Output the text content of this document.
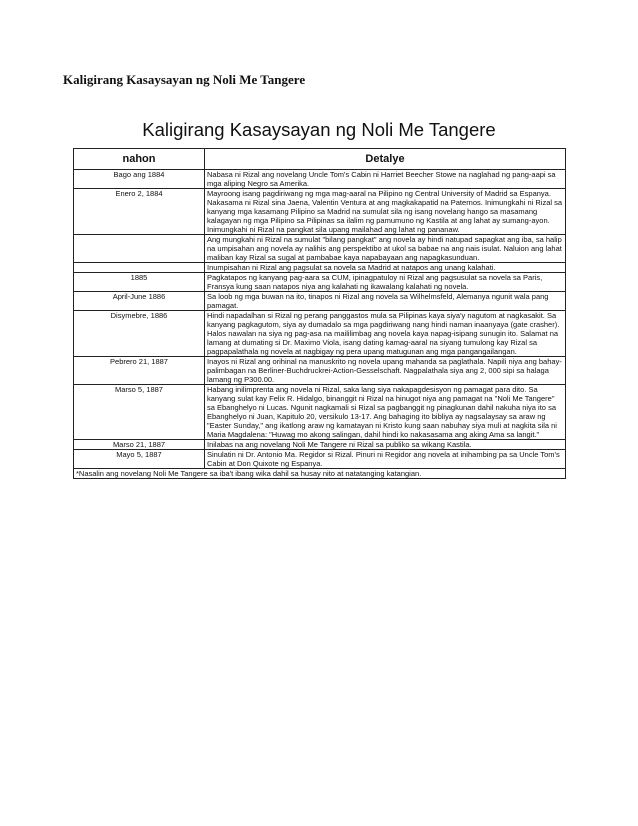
Kaligirang Kasaysayan ng Noli Me Tangere
Kaligirang Kasaysayan ng Noli Me Tangere
nahon	Detalye
Bago ang 1884	Nabasa ni Rizal ang novelang Uncle Tom's Cabin ni Harriet Beecher Stowe na naglahad ng pang-aapi sa mga aliping Negro sa Amerika.
Enero 2, 1884	Mayroong isang pagdiriwang ng mga mag-aaral na Pilipino ng Central University of Madrid sa Espanya. Nakasama ni Rizal sina Jaena, Valentin Ventura at ang magkakapatid na Paternos. Inimungkahi ni Rizal sa kanyang mga kasamang Pilipino sa Madrid na sumulat sila ng isang novelang hango sa masamang kalagayan ng mga Pilipino sa Pilipinas sa ilalim ng pamumuno ng Kastila at ang lahat ay sumang-ayon. Inimungkahi ni Rizal na pangkat sila upang mailahad ang lahat ng pananaw.
	Ang mungkahi ni Rizal na sumulat "bilang pangkat" ang novela ay hindi natupad sapagkat ang iba, sa halip na umpisahan ang novela ay nalihis ang perspektibo at ukol sa babae na ang nais isulat. Naluion ang lahat maliban kay Rizal sa sugal at pambabae kaya napabayaan ang napagkasunduan.
	Inumpisahan ni Rizal ang pagsulat sa novela sa Madrid at natapos ang unang kalahati.
1885	Pagkatapos ng kanyang pag-aara sa CUM, ipinagpatuloy ni Rizal ang pagsusulat sa novela sa Paris, Fransya kung saan natapos niya ang kalahati ng ikawalang kalahati ng novela.
April-June 1886	Sa loob ng mga buwan na ito, tinapos ni Rizal ang novela sa Wilhelmsfeld, Alemanya ngunit wala pang pamagat.
Disymebre, 1886	Hindi napadalhan si Rizal ng perang panggastos mula sa Pilipinas kaya siya'y nagutom at nagkasakit. Sa kanyang pagkagutom, siya ay dumadalo sa mga pagdiriwang nang hindi naman inaanyaya (gate crasher). Halos nawalan na siya ng pag-asa na maililimbag ang novela kaya napag-isipang sunugin ito. Salamat na lamang at dumating si Dr. Maximo Viola, isang dating kamag-aaral na siyang tumulong kay Rizal sa pagpapalathala ng novela at nagbigay ng pera upang matugunan ang mga pangangailangan.
Pebrero 21, 1887	Inayos ni Rizal ang orihinal na manuskrito ng novela upang mahanda sa paglathala. Napili niya ang bahay-palimbagan na Berliner-Buchdruckrei-Action-Gesselschaft. Nagpalathala siya ang 2, 000 sipi sa halaga lamang ng P300.00.
Marso 5, 1887	Habang inilimprenta ang novela ni Rizal, saka lang siya nakapagdesisyon ng pamagat para dito. Sa kanyang sulat kay Felix R. Hidalgo, binanggit ni Rizal na hinugot niya ang pamagat na "Noli Me Tangere" sa Ebanghelyo ni Lucas. Ngunit nagkamali si Rizal sa pagbanggit ng pinagkunan dahil nakuha niya ito sa Ebanghelyo ni Juan, Kapitulo 20, versikulo 13-17. Ang bahaging ito bibliya ay nagsalaysay sa araw ng "Easter Sunday," ang ikatlong araw ng kamatayan ni Kristo kung saan nabuhay siya muli at nagkita sila ni Maria Magdalena: "Huwag mo akong salingan, dahil hindi ko nakasasama ang aking Ama sa langit."
Marso 21, 1887	Inilabas na ang novelang Noli Me Tangere ni Rizal sa publiko sa wikang Kastila.
Mayo 5, 1887	Sinulatin ni Dr. Antonio Ma. Regidor si Rizal. Pinuri ni Regidor ang novela at inihambing pa sa Uncle Tom's Cabin at Don Quixote ng Espanya.
*Nasalin ang novelang Noli Me Tangere sa iba't ibang wika dahil sa husay nito at natatanging katangian.	
